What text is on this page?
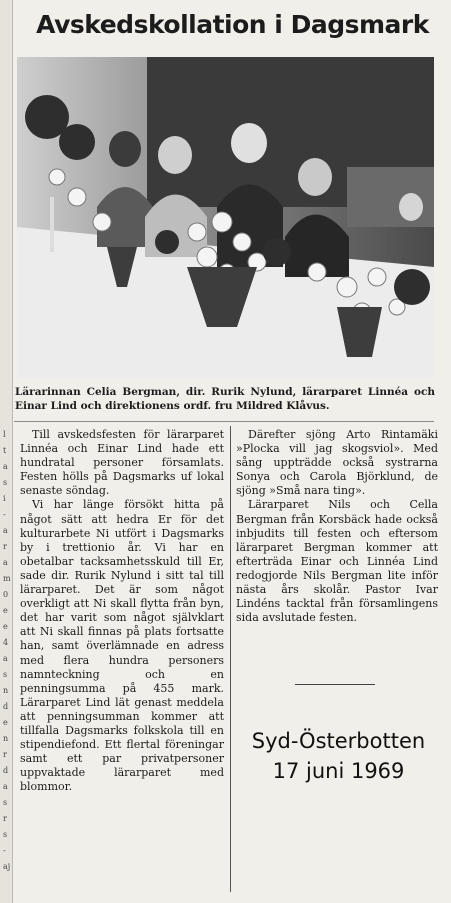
l
t
a
s
i
-
a
r
a
m
0
e
e
4
a
s
n
d
e
n
r
d
a
s
r
s
-
aj
Avskedskollation i Dagsmark
Lärarinnan Celia Bergman, dir. Rurik Nylund, lärarparet Linnéa och Einar Lind och direktionens ordf. fru Mildred Klåvus.

Till avskedsfesten för lärarparet Linnéa och Einar Lind hade ett hundratal personer församlats. Festen hölls på Dagsmarks uf lokal senaste söndag.

Vi har länge försökt hitta på något sätt att hedra Er för det kulturarbete Ni utfört i Dagsmarks by i trettionio år. Vi har en obetalbar tacksamhetsskuld till Er, sade dir. Rurik Nylund i sitt tal till lärarparet. Det är som något overkligt att Ni skall flytta från byn, det har varit som något självklart att Ni skall finnas på plats fortsatte han, samt överlämnade en adress med flera hundra personers namnteckning och en penningsumma på 455 mark. Lärarparet Lind lät genast meddela att penningsumman kommer att tillfalla Dagsmarks folkskola till en stipendiefond. Ett flertal föreningar samt ett par privatpersoner uppvaktade lärarparet med blommor.

Därefter sjöng Arto Rintamäki »Plocka vill jag skogsviol». Med sång uppträdde också systrarna Sonya och Carola Björklund, de sjöng »Små nara ting».

Lärarparet Nils och Cella Bergman från Korsbäck hade också inbjudits till festen och eftersom lärarparet Bergman kommer att efterträda Einar och Linnéa Lind redogjorde Nils Bergman lite inför nästa års skolår. Pastor Ivar Lindéns tacktal från församlingens sida avslutade festen.

Syd-Österbotten
17 juni 1969
